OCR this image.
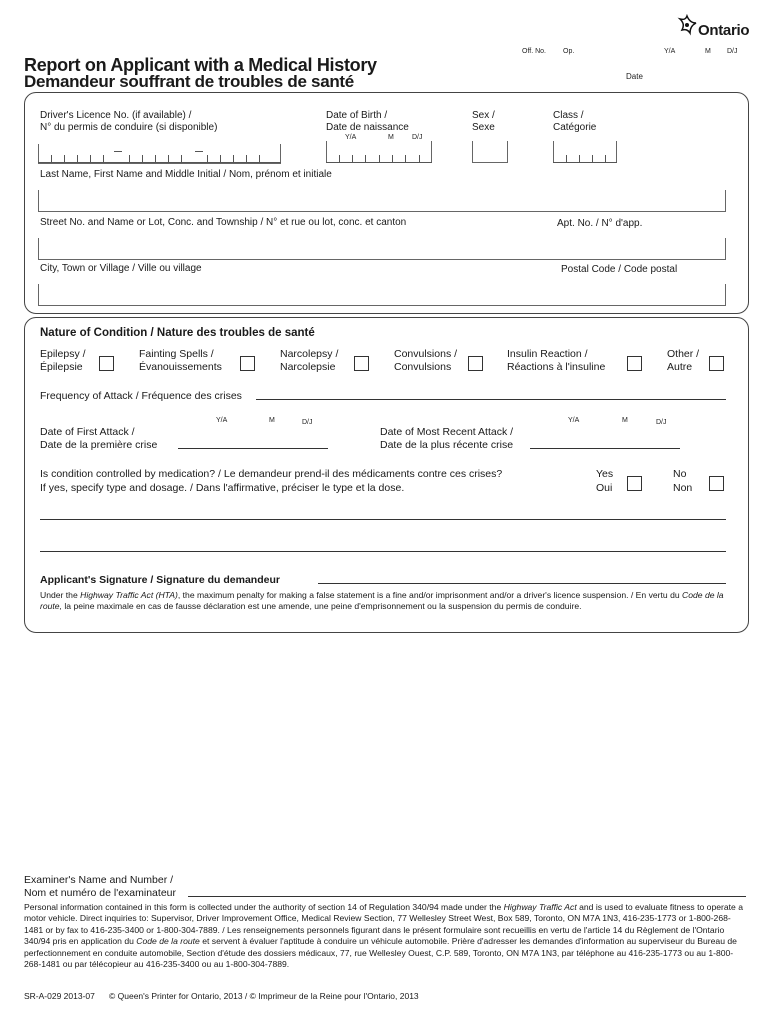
Ontario
Off. No. Op.	Y/A	M D/J
Date
Report on Applicant with a Medical History
Demandeur souffrant de troubles de santé
Driver's Licence No. (if available) /
N° du permis de conduire (si disponible)
Date of Birth /
Date de naissance
Y/A	M	D/J
Sex /
Sexe
Class /
Catégorie
Last Name, First Name and Middle Initial / Nom, prénom et initiale
Street No. and Name or Lot, Conc. and Township / N° et rue ou lot, conc. et canton	Apt. No. / N° d'app.
City, Town or Village / Ville ou village	Postal Code / Code postal
Nature of Condition / Nature des troubles de santé
Epilepsy /
Épilepsie
Fainting Spells /
Évanouissements
Narcolepsy /
Narcolepsie
Convulsions /
Convulsions
Insulin Reaction /
Réactions à l'insuline
Other /
Autre
Frequency of Attack / Fréquence des crises
Y/A	M	D/J
Date of First Attack /
Date de la première crise
Y/A	M	D/J
Date of Most Recent Attack /
Date de la plus récente crise
Is condition controlled by medication? / Le demandeur prend-il des médicaments contre ces crises?
If yes, specify type and dosage. / Dans l'affirmative, préciser le type et la dose.
Yes
Oui
No
Non
Applicant's Signature / Signature du demandeur
Under the Highway Traffic Act (HTA), the maximum penalty for making a false statement is a fine and/or imprisonment and/or a driver's licence suspension. / En vertu du Code de la route, la peine maximale en cas de fausse déclaration est une amende, une peine d'emprisonnement ou la suspension du permis de conduire.
Examiner's Name and Number /
Nom et numéro de l'examinateur
Personal information contained in this form is collected under the authority of section 14 of Regulation 340/94 made under the Highway Traffic Act and is used to evaluate fitness to operate a motor vehicle. Direct inquiries to: Supervisor, Driver Improvement Office, Medical Review Section, 77 Wellesley Street West, Box 589, Toronto, ON M7A 1N3, 416-235-1773 or 1-800-268-1481 or by fax to 416-235-3400 or 1-800-304-7889. / Les renseignements personnels figurant dans le présent formulaire sont recueillis en vertu de l'article 14 du Règlement de l'Ontario 340/94 pris en application du Code de la route et servent à évaluer l'aptitude à conduire un véhicule automobile. Prière d'adresser les demandes d'information au superviseur du Bureau de perfectionnement en conduite automobile, Section d'étude des dossiers médicaux, 77, rue Wellesley Ouest, C.P. 589, Toronto, ON M7A 1N3, par téléphone au 416-235-1773 ou au 1-800-268-1481 ou par télécopieur au 416-235-3400 ou au 1-800-304-7889.
SR-A-029 2013-07 © Queen's Printer for Ontario, 2013 / © Imprimeur de la Reine pour l'Ontario, 2013
